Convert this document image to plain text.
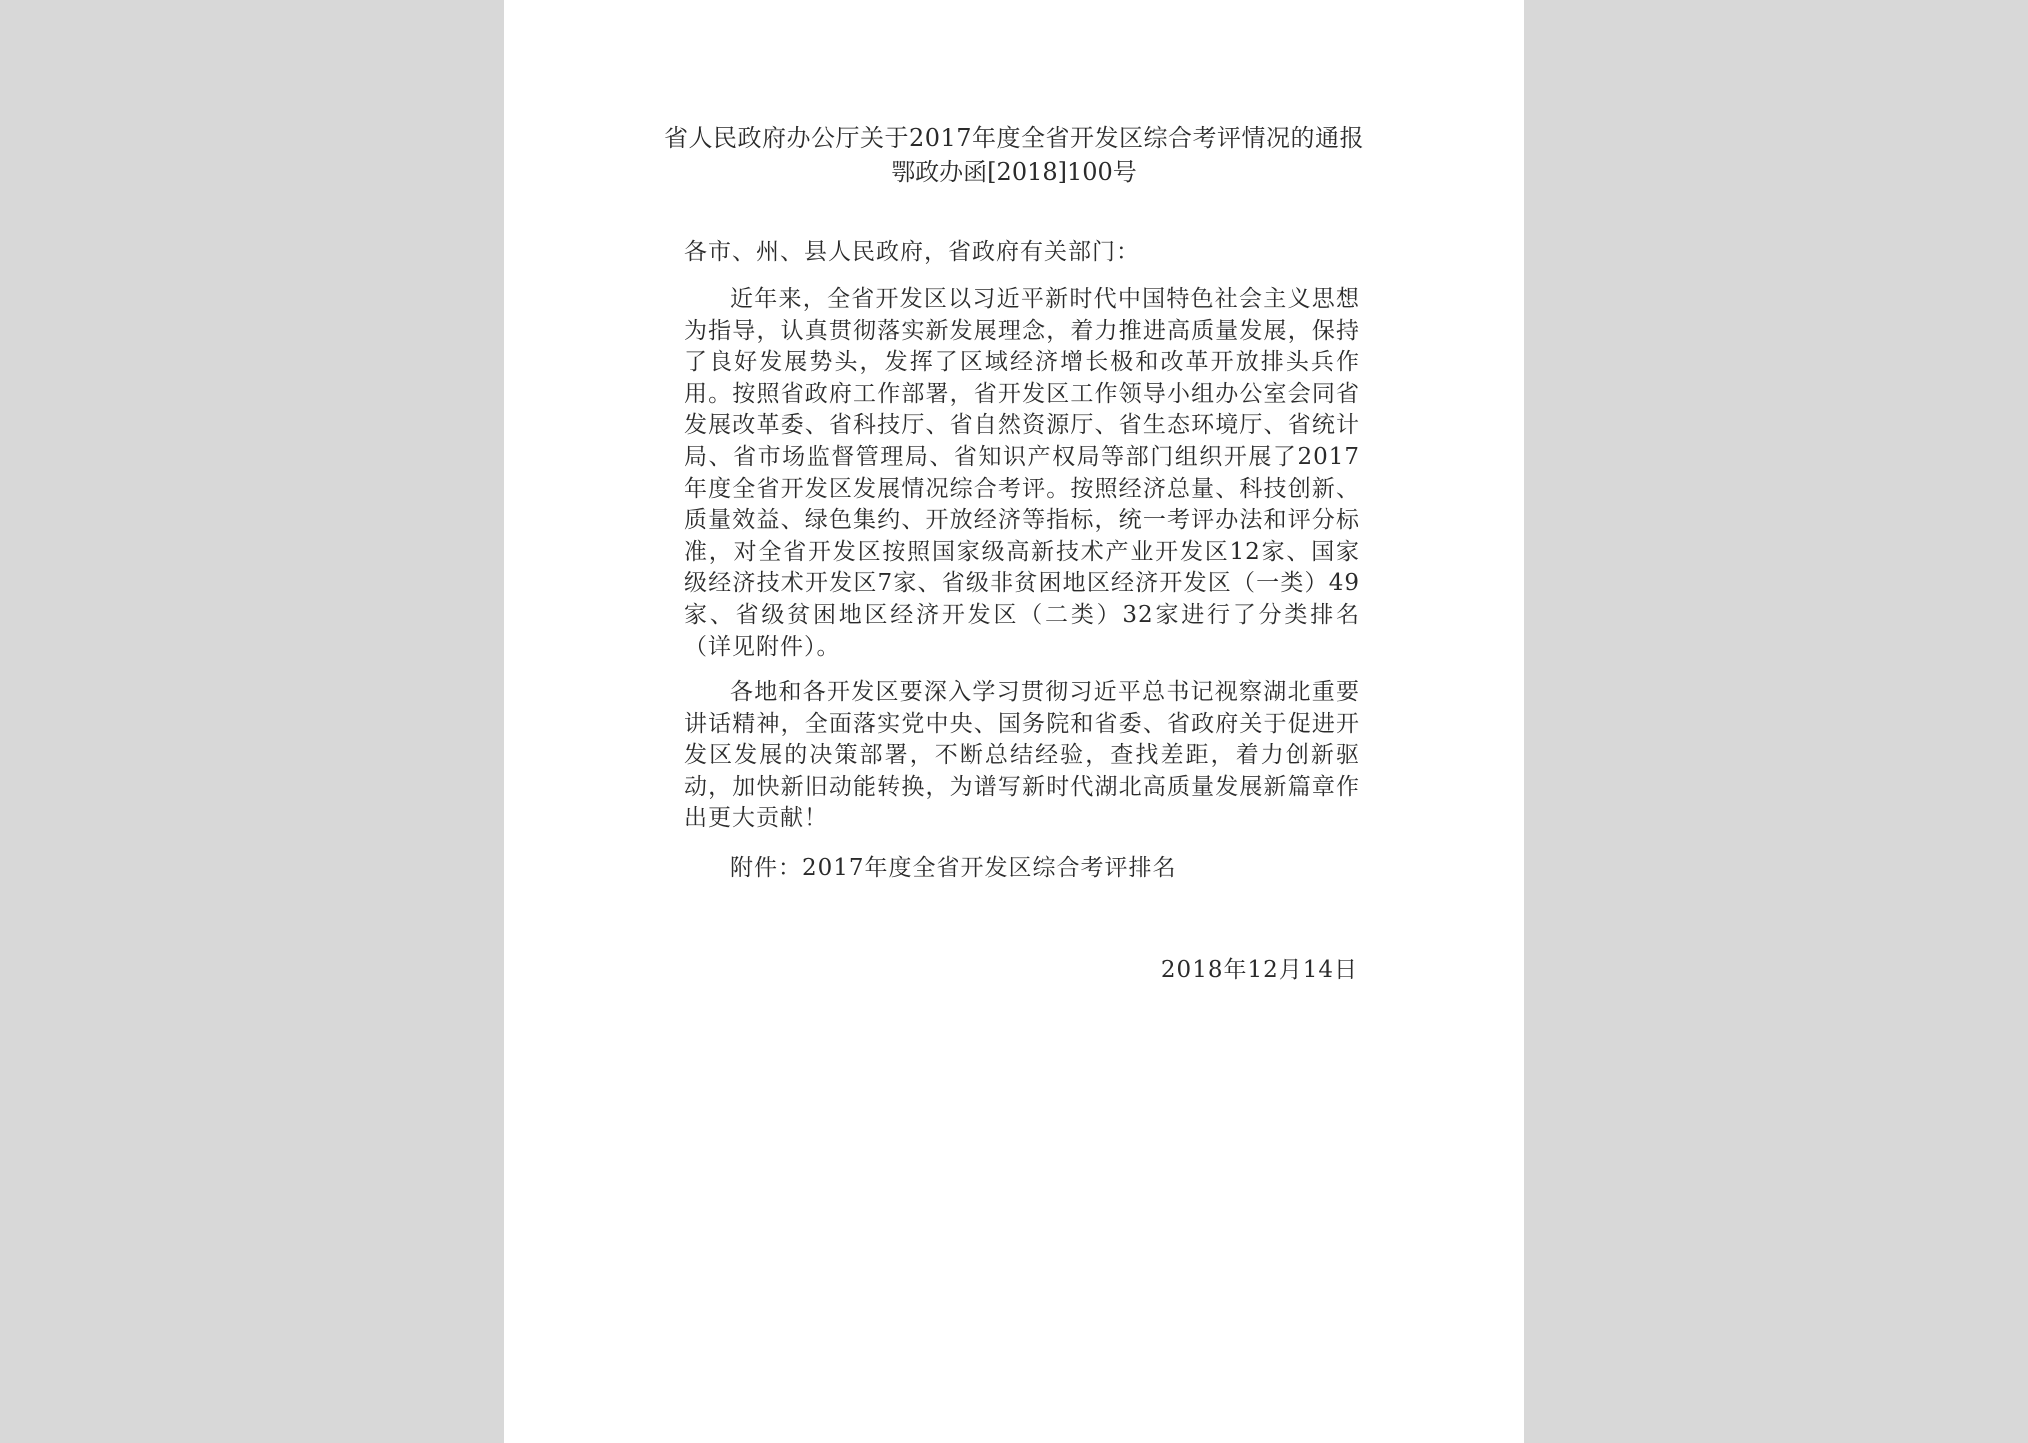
省人民政府办公厅关于2017年度全省开发区综合考评情况的通报
鄂政办函[2018]100号
各市、州、县人民政府，省政府有关部门：
近年来，全省开发区以习近平新时代中国特色社会主义思想为指导，认真贯彻落实新发展理念，着力推进高质量发展，保持了良好发展势头，发挥了区域经济增长极和改革开放排头兵作用。按照省政府工作部署，省开发区工作领导小组办公室会同省发展改革委、省科技厅、省自然资源厅、省生态环境厅、省统计局、省市场监督管理局、省知识产权局等部门组织开展了2017年度全省开发区发展情况综合考评。按照经济总量、科技创新、质量效益、绿色集约、开放经济等指标，统一考评办法和评分标准，对全省开发区按照国家级高新技术产业开发区12家、国家级经济技术开发区7家、省级非贫困地区经济开发区（一类）49家、省级贫困地区经济开发区（二类）32家进行了分类排名（详见附件）。
各地和各开发区要深入学习贯彻习近平总书记视察湖北重要讲话精神，全面落实党中央、国务院和省委、省政府关于促进开发区发展的决策部署，不断总结经验，查找差距，着力创新驱动，加快新旧动能转换，为谱写新时代湖北高质量发展新篇章作出更大贡献！
附件：2017年度全省开发区综合考评排名
2018年12月14日
